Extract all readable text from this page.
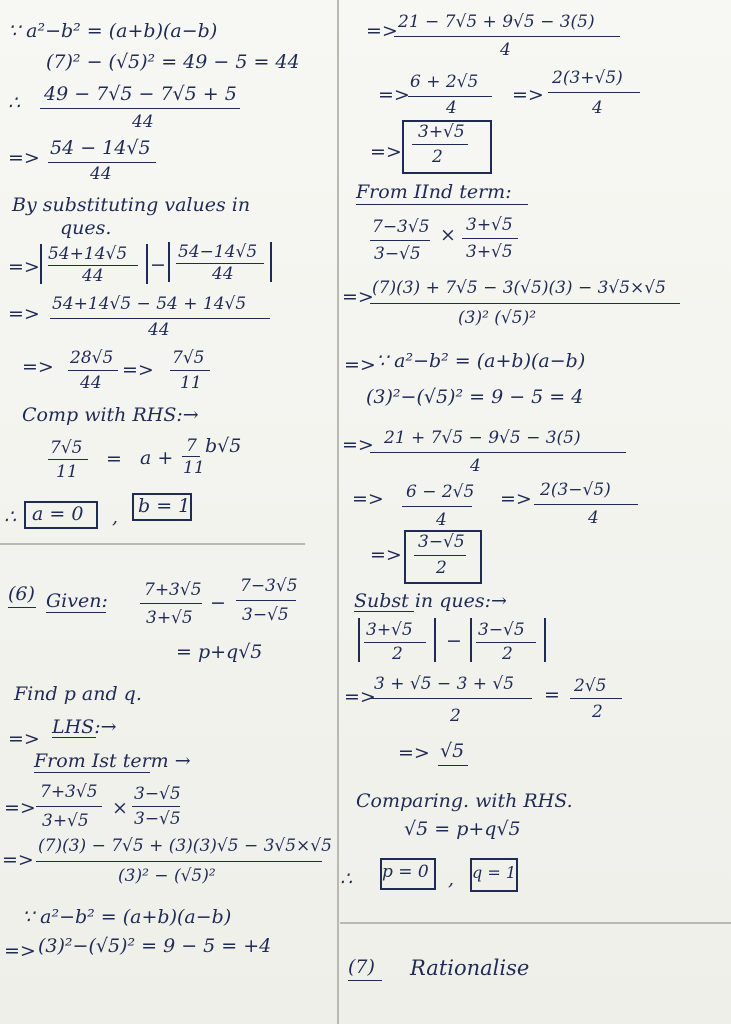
∵ a²−b² = (a+b)(a−b)
(7)² − (√5)² = 49 − 5 = 44
∴ 49 − 7√5 − 7√5 + 5
44
=> 54 − 14√5
44
By substituting values in
ques.
=>
54+14√5
44 −
54−14√5
44
=> 54+14√5 − 54 + 14√5
44
=> 28√5
44
=>
7√5
11
Comp with RHS:→
7√5
11
= a +
7
11
b√5
∴ a = 0 , b = 1
(6) Given: 7+3√5
3+√5
−
7−3√5
3−√5
= p+q√5
Find p and q.
=>
LHS:→
From Ist term →
=>
7+3√5
3+√5
×
3−√5
3−√5
=>
(7)(3) − 7√5 + (3)(3)√5 − 3√5×√5
(3)² − (√5)²
∵ a²−b² = (a+b)(a−b)
=> (3)²−(√5)² = 9 − 5 = +4
=> 21 − 7√5 + 9√5 − 3(5)
4
=>
6 + 2√5
4
=>
2(3+√5)
4
=>
3+√5
2
From IInd term:
7−3√5
3−√5
× 3+√5
3+√5
=>
(7)(3) + 7√5 − 3(√5)(3) − 3√5×√5
(3)² (√5)²
=> ∵ a²−b² = (a+b)(a−b)
(3)²−(√5)² = 9 − 5 = 4
=> 21 + 7√5 − 9√5 − 3(5)
4
=> 6 − 2√5
4
=> 2(3−√5)
4
=>
3−√5
2
Subst in ques:→
3+√5
2
− 3−√5
2
=>
3 + √5 − 3 + √5
2
= 2√5
2
=> √5
Comparing. with RHS.
√5 = p+q√5
∴ p = 0 , q = 1
(7) Rationalise
